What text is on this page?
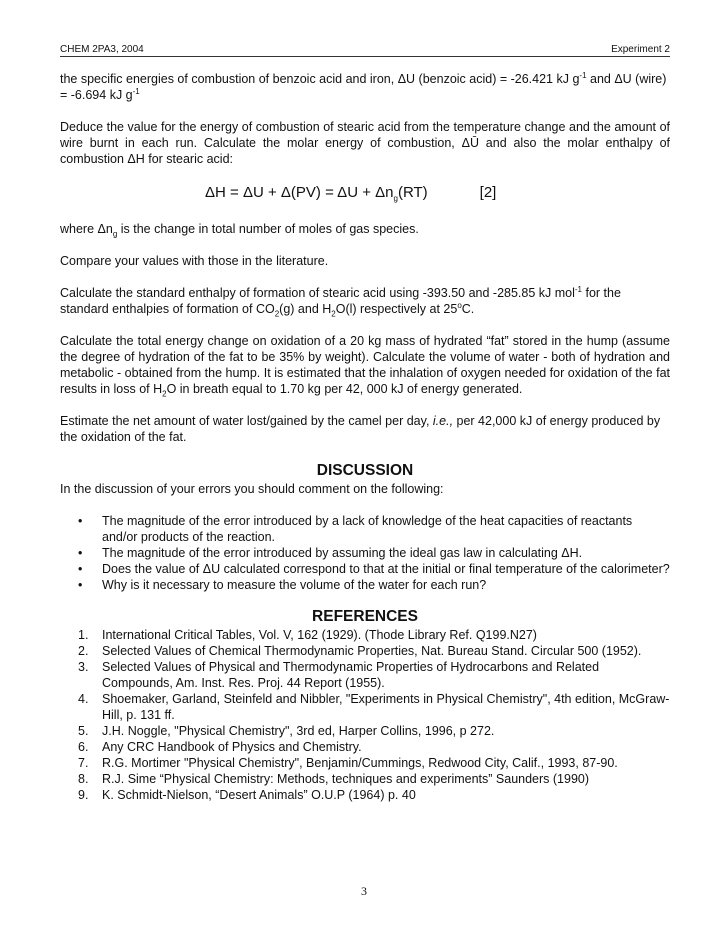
CHEM 2PA3, 2004	Experiment 2

the specific energies of combustion of benzoic acid and iron, ΔU (benzoic acid) = -26.421 kJ $g^{-1}$ and ΔU (wire) = -6.694 kJ $g^{-1}$

Deduce the value for the energy of combustion of stearic acid from the temperature change and the amount of wire burnt in each run. Calculate the molar energy of combustion, ΔŪ and also the molar enthalpy of combustion ΔH for stearic acid:

$\Delta H = \Delta U + \Delta(PV) = \Delta U + \Delta n_g(RT)$	[2]

where $\Delta n_g$ is the change in total number of moles of gas species.

Compare your values with those in the literature.

Calculate the standard enthalpy of formation of stearic acid using -393.50 and -285.85 kJ mol$^{-1}$ for the standard enthalpies of formation of $CO_2(g)$ and $H_2O(l)$ respectively at 25$^o$C.

Calculate the total energy change on oxidation of a 20 kg mass of hydrated “fat” stored in the hump (assume the degree of hydration of the fat to be 35% by weight). Calculate the volume of water - both of hydration and metabolic - obtained from the hump. It is estimated that the inhalation of oxygen needed for oxidation of the fat results in loss of $H_2O$ in breath equal to 1.70 kg per 42, 000 kJ of energy generated.

Estimate the net amount of water lost/gained by the camel per day, i.e., per 42,000 kJ of energy produced by the oxidation of the fat.

DISCUSSION

In the discussion of your errors you should comment on the following:

• The magnitude of the error introduced by a lack of knowledge of the heat capacities of reactants and/or products of the reaction.
• The magnitude of the error introduced by assuming the ideal gas law in calculating ΔH.
• Does the value of ΔU calculated correspond to that at the initial or final temperature of the calorimeter?
• Why is it necessary to measure the volume of the water for each run?
REFERENCES
1. International Critical Tables, Vol. V, 162 (1929). (Thode Library Ref. Q199.N27)
2. Selected Values of Chemical Thermodynamic Properties, Nat. Bureau Stand. Circular 500 (1952).
3. Selected Values of Physical and Thermodynamic Properties of Hydrocarbons and Related Compounds, Am. Inst. Res. Proj. 44 Report (1955).
4. Shoemaker, Garland, Steinfeld and Nibbler, "Experiments in Physical Chemistry", 4th edition, McGraw-Hill, p. 131 ff.
5. J.H. Noggle, "Physical Chemistry", 3rd ed, Harper Collins, 1996, p 272.
6. Any CRC Handbook of Physics and Chemistry.
7. R.G. Mortimer "Physical Chemistry", Benjamin/Cummings, Redwood City, Calif., 1993, 87-90.
8. R.J. Sime “Physical Chemistry: Methods, techniques and experiments” Saunders (1990)
9. K. Schmidt-Nielson, “Desert Animals” O.U.P (1964) p. 40
3
